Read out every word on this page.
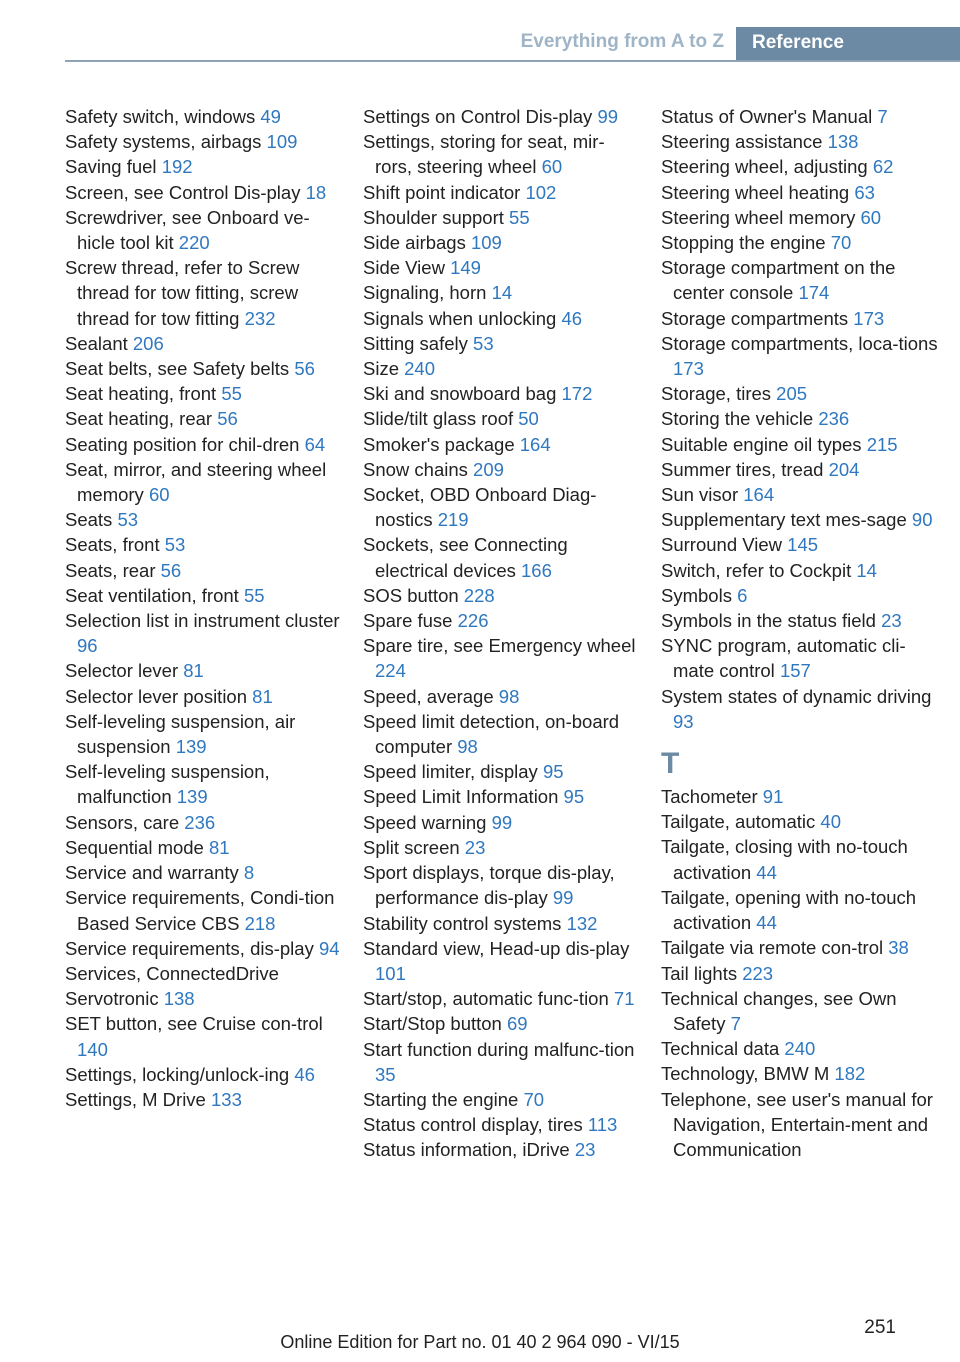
Everything from A to Z	Reference
Safety switch, windows 49
Safety systems, airbags 109
Saving fuel 192
Screen, see Control Dis-play 18
Screwdriver, see Onboard ve-hicle tool kit 220
Screw thread, refer to Screw thread for tow fitting, screw thread for tow fitting 232
Sealant 206
Seat belts, see Safety belts 56
Seat heating, front 55
Seat heating, rear 56
Seating position for chil-dren 64
Seat, mirror, and steering wheel memory 60
Seats 53
Seats, front 53
Seats, rear 56
Seat ventilation, front 55
Selection list in instrument cluster 96
Selector lever 81
Selector lever position 81
Self-leveling suspension, air suspension 139
Self-leveling suspension, malfunction 139
Sensors, care 236
Sequential mode 81
Service and warranty 8
Service requirements, Condi-tion Based Service CBS 218
Service requirements, dis-play 94
Services, ConnectedDrive
Servotronic 138
SET button, see Cruise con-trol 140
Settings, locking/unlock-ing 46
Settings, M Drive 133
Settings on Control Dis-play 99
Settings, storing for seat, mir-rors, steering wheel 60
Shift point indicator 102
Shoulder support 55
Side airbags 109
Side View 149
Signaling, horn 14
Signals when unlocking 46
Sitting safely 53
Size 240
Ski and snowboard bag 172
Slide/tilt glass roof 50
Smoker's package 164
Snow chains 209
Socket, OBD Onboard Diag-nostics 219
Sockets, see Connecting electrical devices 166
SOS button 228
Spare fuse 226
Spare tire, see Emergency wheel 224
Speed, average 98
Speed limit detection, on-board computer 98
Speed limiter, display 95
Speed Limit Information 95
Speed warning 99
Split screen 23
Sport displays, torque dis-play, performance dis-play 99
Stability control systems 132
Standard view, Head-up dis-play 101
Start/stop, automatic func-tion 71
Start/Stop button 69
Start function during malfunc-tion 35
Starting the engine 70
Status control display, tires 113
Status information, iDrive 23
Status of Owner's Manual 7
Steering assistance 138
Steering wheel, adjusting 62
Steering wheel heating 63
Steering wheel memory 60
Stopping the engine 70
Storage compartment on the center console 174
Storage compartments 173
Storage compartments, loca-tions 173
Storage, tires 205
Storing the vehicle 236
Suitable engine oil types 215
Summer tires, tread 204
Sun visor 164
Supplementary text mes-sage 90
Surround View 145
Switch, refer to Cockpit 14
Symbols 6
Symbols in the status field 23
SYNC program, automatic cli-mate control 157
System states of dynamic driving 93
T
Tachometer 91
Tailgate, automatic 40
Tailgate, closing with no-touch activation 44
Tailgate, opening with no-touch activation 44
Tailgate via remote con-trol 38
Tail lights 223
Technical changes, see Own Safety 7
Technical data 240
Technology, BMW M 182
Telephone, see user's manual for Navigation, Entertain-ment and Communication
251
Online Edition for Part no. 01 40 2 964 090 - VI/15
